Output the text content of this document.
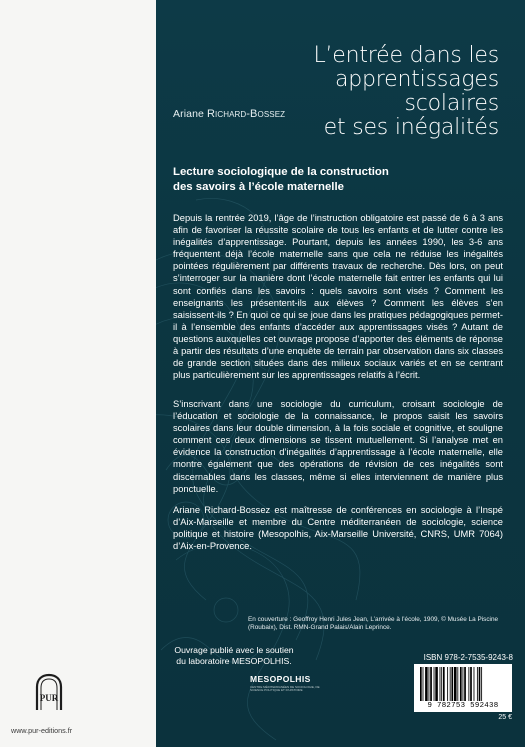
Ariane Richard-Bossez
L’entrée dans les
apprentissages
scolaires
et ses inégalités
Lecture sociologique de la construction
des savoirs à l’école maternelle

Depuis la rentrée 2019, l’âge de l’instruction obligatoire est passé de 6 à 3 ans afin de favoriser la réussite scolaire de tous les enfants et de lutter contre les inégalités d’apprentissage. Pourtant, depuis les années 1990, les 3-6 ans fréquentent déjà l’école maternelle sans que cela ne réduise les inégalités pointées régulièrement par différents travaux de recherche. Dès lors, on peut s’interroger sur la manière dont l’école maternelle fait entrer les enfants qui lui sont confiés dans les savoirs : quels savoirs sont visés ? Comment les enseignants les présentent-ils aux élèves ? Comment les élèves s’en saisissent-ils ? En quoi ce qui se joue dans les pratiques pédagogiques permet-il à l’ensemble des enfants d’accéder aux apprentissages visés ? Autant de questions auxquelles cet ouvrage propose d’apporter des éléments de réponse à partir des résultats d’une enquête de terrain par observation dans six classes de grande section situées dans des milieux sociaux variés et en se centrant plus particulièrement sur les apprentissages relatifs à l’écrit.

S’inscrivant dans une sociologie du curriculum, croisant sociologie de l’éducation et sociologie de la connaissance, le propos saisit les savoirs scolaires dans leur double dimension, à la fois sociale et cognitive, et souligne comment ces deux dimensions se tissent mutuellement. Si l’analyse met en évidence la construction d’inégalités d’apprentissage à l’école maternelle, elle montre également que des opérations de révision de ces inégalités sont discernables dans les classes, même si elles interviennent de manière plus ponctuelle.

Ariane Richard-Bossez est maîtresse de conférences en sociologie à l’Inspé d’Aix-Marseille et membre du Centre méditerranéen de sociologie, science politique et histoire (Mesopolhis, Aix-Marseille Université, CNRS, UMR 7064) d’Aix-en-Provence.

En couverture : Geoffroy Henri Jules Jean, L’arrivée à l’école, 1909, © Musée La Piscine (Roubaix), Dist. RMN-Grand Palais/Alain Leprince.

Ouvrage publié avec le soutien
du laboratoire MESOPOLHIS.
MESOPOLHIS
CENTRE MÉDITERRANÉEN DE SOCIOLOGIE, DE SCIENCE POLITIQUE ET D’HISTOIRE
ISBN 978-2-7535-9243-8
9 782753 592438
25 €
PUR
www.pur-editions.fr
